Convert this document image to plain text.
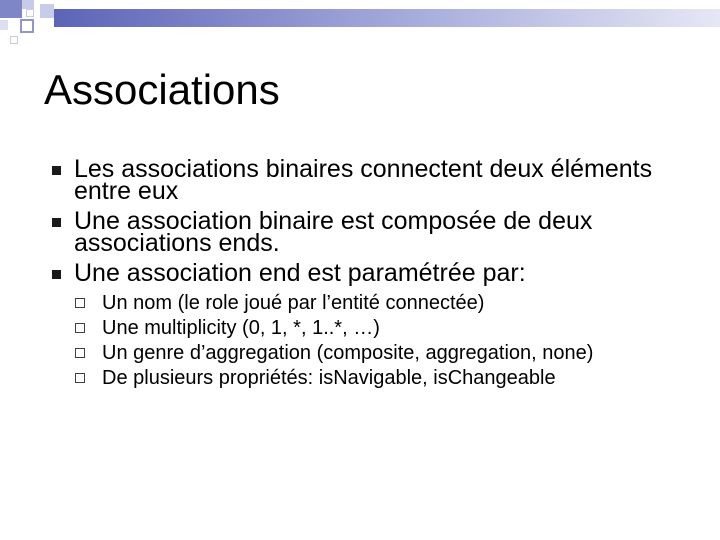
Associations
Les associations binaires connectent deux éléments entre eux
Une association binaire est composée de deux associations ends.
Une association end est paramétrée par:
Un nom (le role joué par l’entité connectée)
Une multiplicity (0, 1, *, 1..*, …)
Un genre d’aggregation (composite, aggregation, none)
De plusieurs propriétés: isNavigable, isChangeable
